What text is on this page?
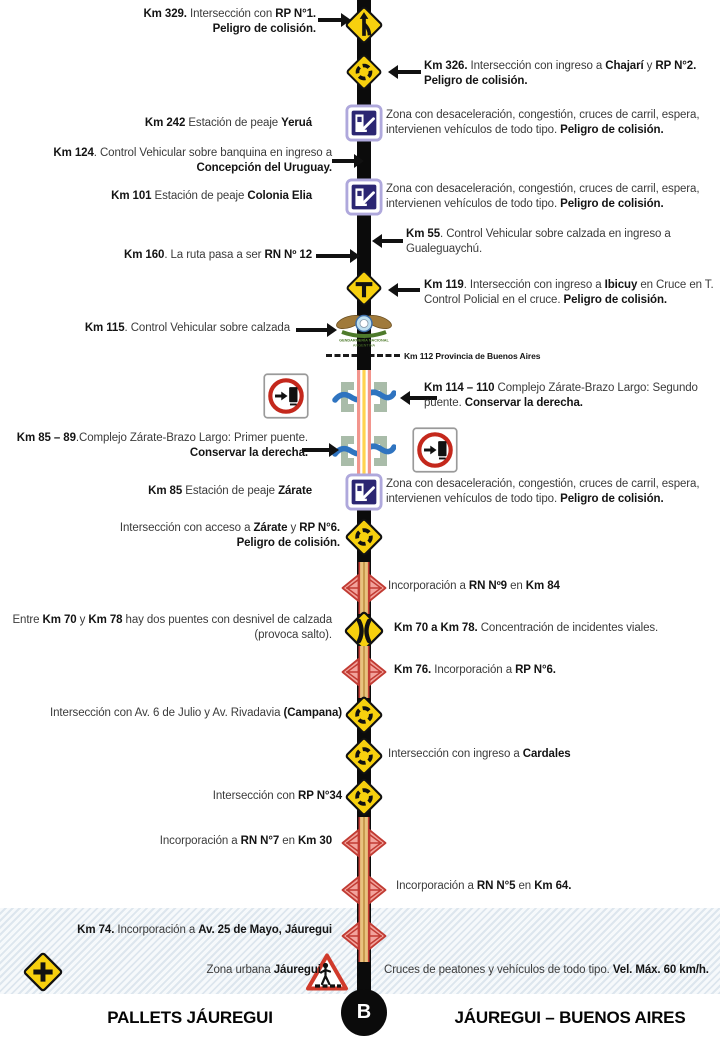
GENDARMERÍA NACIONAL
ARGENTINA
Km 329. Intersección con RP N°1.
Peligro de colisión.
Km 326. Intersección con ingreso a Chajarí y RP N°2.
Peligro de colisión.
Zona con desaceleración, congestión, cruces de carril, espera,
intervienen vehículos de todo tipo. Peligro de colisión.
Km 242 Estación de peaje Yeruá
Km 124. Control Vehicular sobre banquina en ingreso a
Concepción del Uruguay.
Zona con desaceleración, congestión, cruces de carril, espera,
intervienen vehículos de todo tipo. Peligro de colisión.
Km 101 Estación de peaje Colonia Elia
Km 55. Control Vehicular sobre calzada en ingreso a
Gualeguaychú.
Km 160. La ruta pasa a ser RN Nº 12
Km 119. Intersección con ingreso a Ibicuy en Cruce en T.
Control Policial en el cruce. Peligro de colisión.
Km 115. Control Vehicular sobre calzada
Km 112 Provincia de Buenos Aires
Km 114 – 110 Complejo Zárate-Brazo Largo: Segundo
puente. Conservar la derecha.
Km 85 – 89.Complejo Zárate-Brazo Largo: Primer puente.
Conservar la derecha.
Zona con desaceleración, congestión, cruces de carril, espera,
intervienen vehículos de todo tipo. Peligro de colisión.
Km 85 Estación de peaje Zárate
Intersección con acceso a Zárate y RP N°6.
Peligro de colisión.
Incorporación a RN Nº9 en Km 84
Entre Km 70 y Km 78 hay dos puentes con desnivel de calzada
(provoca salto).
Km 70 a Km 78. Concentración de incidentes viales.
Km 76. Incorporación a RP N°6.
Intersección con Av. 6 de Julio y Av. Rivadavia (Campana)
Intersección con ingreso a Cardales
Intersección con RP N°34
Incorporación a RN N°7 en Km 30
Incorporación a RN N°5 en Km 64.
Km 74. Incorporación a Av. 25 de Mayo, Jáuregui
Zona urbana Jáuregui.	Cruces de peatones y vehículos de todo tipo. Vel. Máx. 60 km/h.
B
PALLETS JÁUREGUI	JÁUREGUI – BUENOS AIRES
